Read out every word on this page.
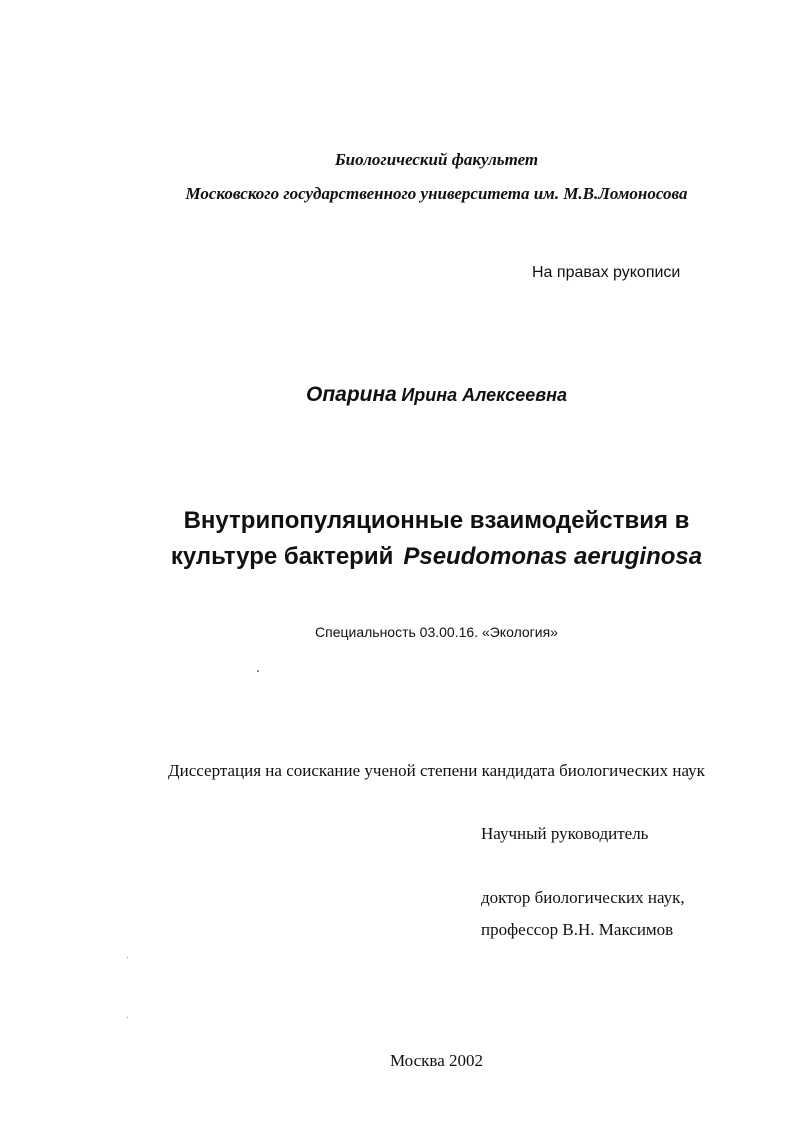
Биологический факультет
Московского государственного университета им. М.В.Ломоносова
На правах рукописи
Опарина Ирина Алексеевна
Внутрипопуляционные взаимодействия в
культуре бактерий Pseudomonas aeruginosa
Специальность 03.00.16. «Экология»
Диссертация на соискание ученой степени кандидата биологических наук
Научный руководитель
доктор биологических наук,
профессор В.Н. Максимов
Москва 2002
